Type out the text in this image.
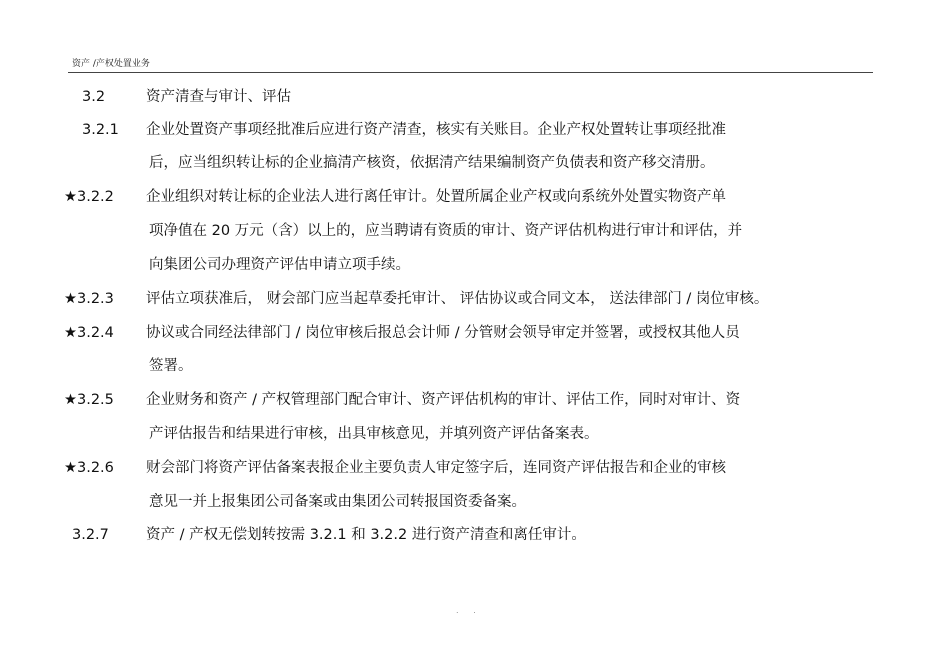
资产 /产权处置业务
3.2	资产清查与审计、评估
3.2.1 企业处置资产事项经批准后应进行资产清查，核实有关账目。企业产权处置转让事项经批准
后，应当组织转让标的企业搞清产核资，依据清产结果编制资产负债表和资产移交清册。
★3.2.2 企业组织对转让标的企业法人进行离任审计。处置所属企业产权或向系统外处置实物资产单
项净值在 20 万元（含）以上的，应当聘请有资质的审计、资产评估机构进行审计和评估，并
向集团公司办理资产评估申请立项手续。
★3.2.3 评估立项获准后， 财会部门应当起草委托审计、 评估协议或合同文本， 送法律部门 / 岗位审核。
★3.2.4 协议或合同经法律部门 / 岗位审核后报总会计师 / 分管财会领导审定并签署，或授权其他人员
签署。
★3.2.5 企业财务和资产 / 产权管理部门配合审计、资产评估机构的审计、评估工作，同时对审计、资
产评估报告和结果进行审核，出具审核意见，并填列资产评估备案表。
★3.2.6 财会部门将资产评估备案表报企业主要负责人审定签字后，连同资产评估报告和企业的审核
意见一并上报集团公司备案或由集团公司转报国资委备案。
3.2.7	资产 / 产权无偿划转按需 3.2.1 和 3.2.2 进行资产清查和离任审计。
. .
